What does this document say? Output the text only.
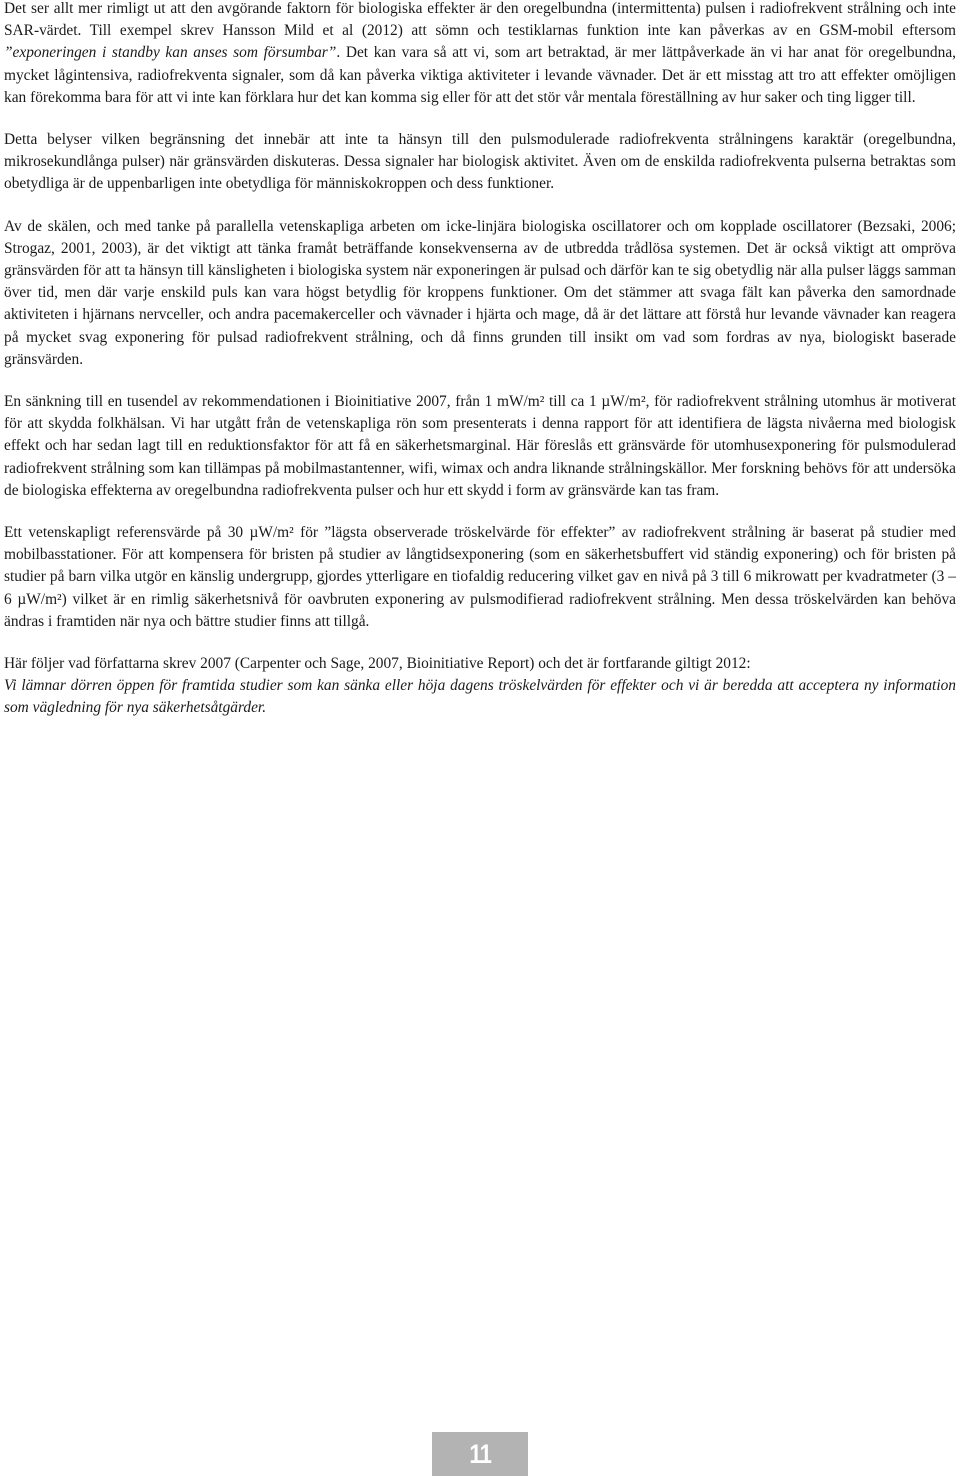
Det ser allt mer rimligt ut att den avgörande faktorn för biologiska effekter är den oregelbundna (intermittenta) pulsen i radiofrekvent strålning och inte SAR-värdet. Till exempel skrev Hansson Mild et al (2012) att sömn och testiklarnas funktion inte kan påverkas av en GSM-mobil eftersom ”exponeringen i standby kan anses som försumbar”. Det kan vara så att vi, som art betraktad, är mer lättpåverkade än vi har anat för oregelbundna, mycket lågintensiva, radiofrekventa signaler, som då kan påverka viktiga aktiviteter i levande vävnader. Det är ett misstag att tro att effekter omöjligen kan förekomma bara för att vi inte kan förklara hur det kan komma sig eller för att det stör vår mentala föreställning av hur saker och ting ligger till.

Detta belyser vilken begränsning det innebär att inte ta hänsyn till den pulsmodulerade radiofrekventa strålningens karaktär (oregelbundna, mikrosekundlånga pulser) när gränsvärden diskuteras. Dessa signaler har biologisk aktivitet. Även om de enskilda radiofrekventa pulserna betraktas som obetydliga är de uppenbarligen inte obetydliga för människokroppen och dess funktioner.

Av de skälen, och med tanke på parallella vetenskapliga arbeten om icke-linjära biologiska oscillatorer och om kopplade oscillatorer (Bezsaki, 2006; Strogaz, 2001, 2003), är det viktigt att tänka framåt beträffande konsekvenserna av de utbredda trådlösa systemen. Det är också viktigt att ompröva gränsvärden för att ta hänsyn till känsligheten i biologiska system när exponeringen är pulsad och därför kan te sig obetydlig när alla pulser läggs samman över tid, men där varje enskild puls kan vara högst betydlig för kroppens funktioner. Om det stämmer att svaga fält kan påverka den samordnade aktiviteten i hjärnans nervceller, och andra pacemakerceller och vävnader i hjärta och mage, då är det lättare att förstå hur levande vävnader kan reagera på mycket svag exponering för pulsad radiofrekvent strålning, och då finns grunden till insikt om vad som fordras av nya, biologiskt baserade gränsvärden.

En sänkning till en tusendel av rekommendationen i Bioinitiative 2007, från 1 mW/m² till ca 1 µW/m², för radiofrekvent strålning utomhus är motiverat för att skydda folkhälsan. Vi har utgått från de vetenskapliga rön som presenterats i denna rapport för att identifiera de lägsta nivåerna med biologisk effekt och har sedan lagt till en reduktionsfaktor för att få en säkerhetsmarginal. Här föreslås ett gränsvärde för utomhusexponering för pulsmodulerad radiofrekvent strålning som kan tillämpas på mobilmastantenner, wifi, wimax och andra liknande strålningskällor. Mer forskning behövs för att undersöka de biologiska effekterna av oregelbundna radiofrekventa pulser och hur ett skydd i form av gränsvärde kan tas fram.

Ett vetenskapligt referensvärde på 30 µW/m² för ”lägsta observerade tröskelvärde för effekter” av radiofrekvent strålning är baserat på studier med mobilbasstationer. För att kompensera för bristen på studier av långtidsexponering (som en säkerhetsbuffert vid ständig exponering) och för bristen på studier på barn vilka utgör en känslig undergrupp, gjordes ytterligare en tiofaldig reducering vilket gav en nivå på 3 till 6 mikrowatt per kvadratmeter (3 – 6 µW/m²) vilket är en rimlig säkerhetsnivå för oavbruten exponering av pulsmodifierad radiofrekvent strålning. Men dessa tröskelvärden kan behöva ändras i framtiden när nya och bättre studier finns att tillgå.

Här följer vad författarna skrev 2007 (Carpenter och Sage, 2007, Bioinitiative Report) och det är fortfarande giltigt 2012:
Vi lämnar dörren öppen för framtida studier som kan sänka eller höja dagens tröskelvärden för effekter och vi är beredda att acceptera ny information som vägledning för nya säkerhetsåtgärder.

11
